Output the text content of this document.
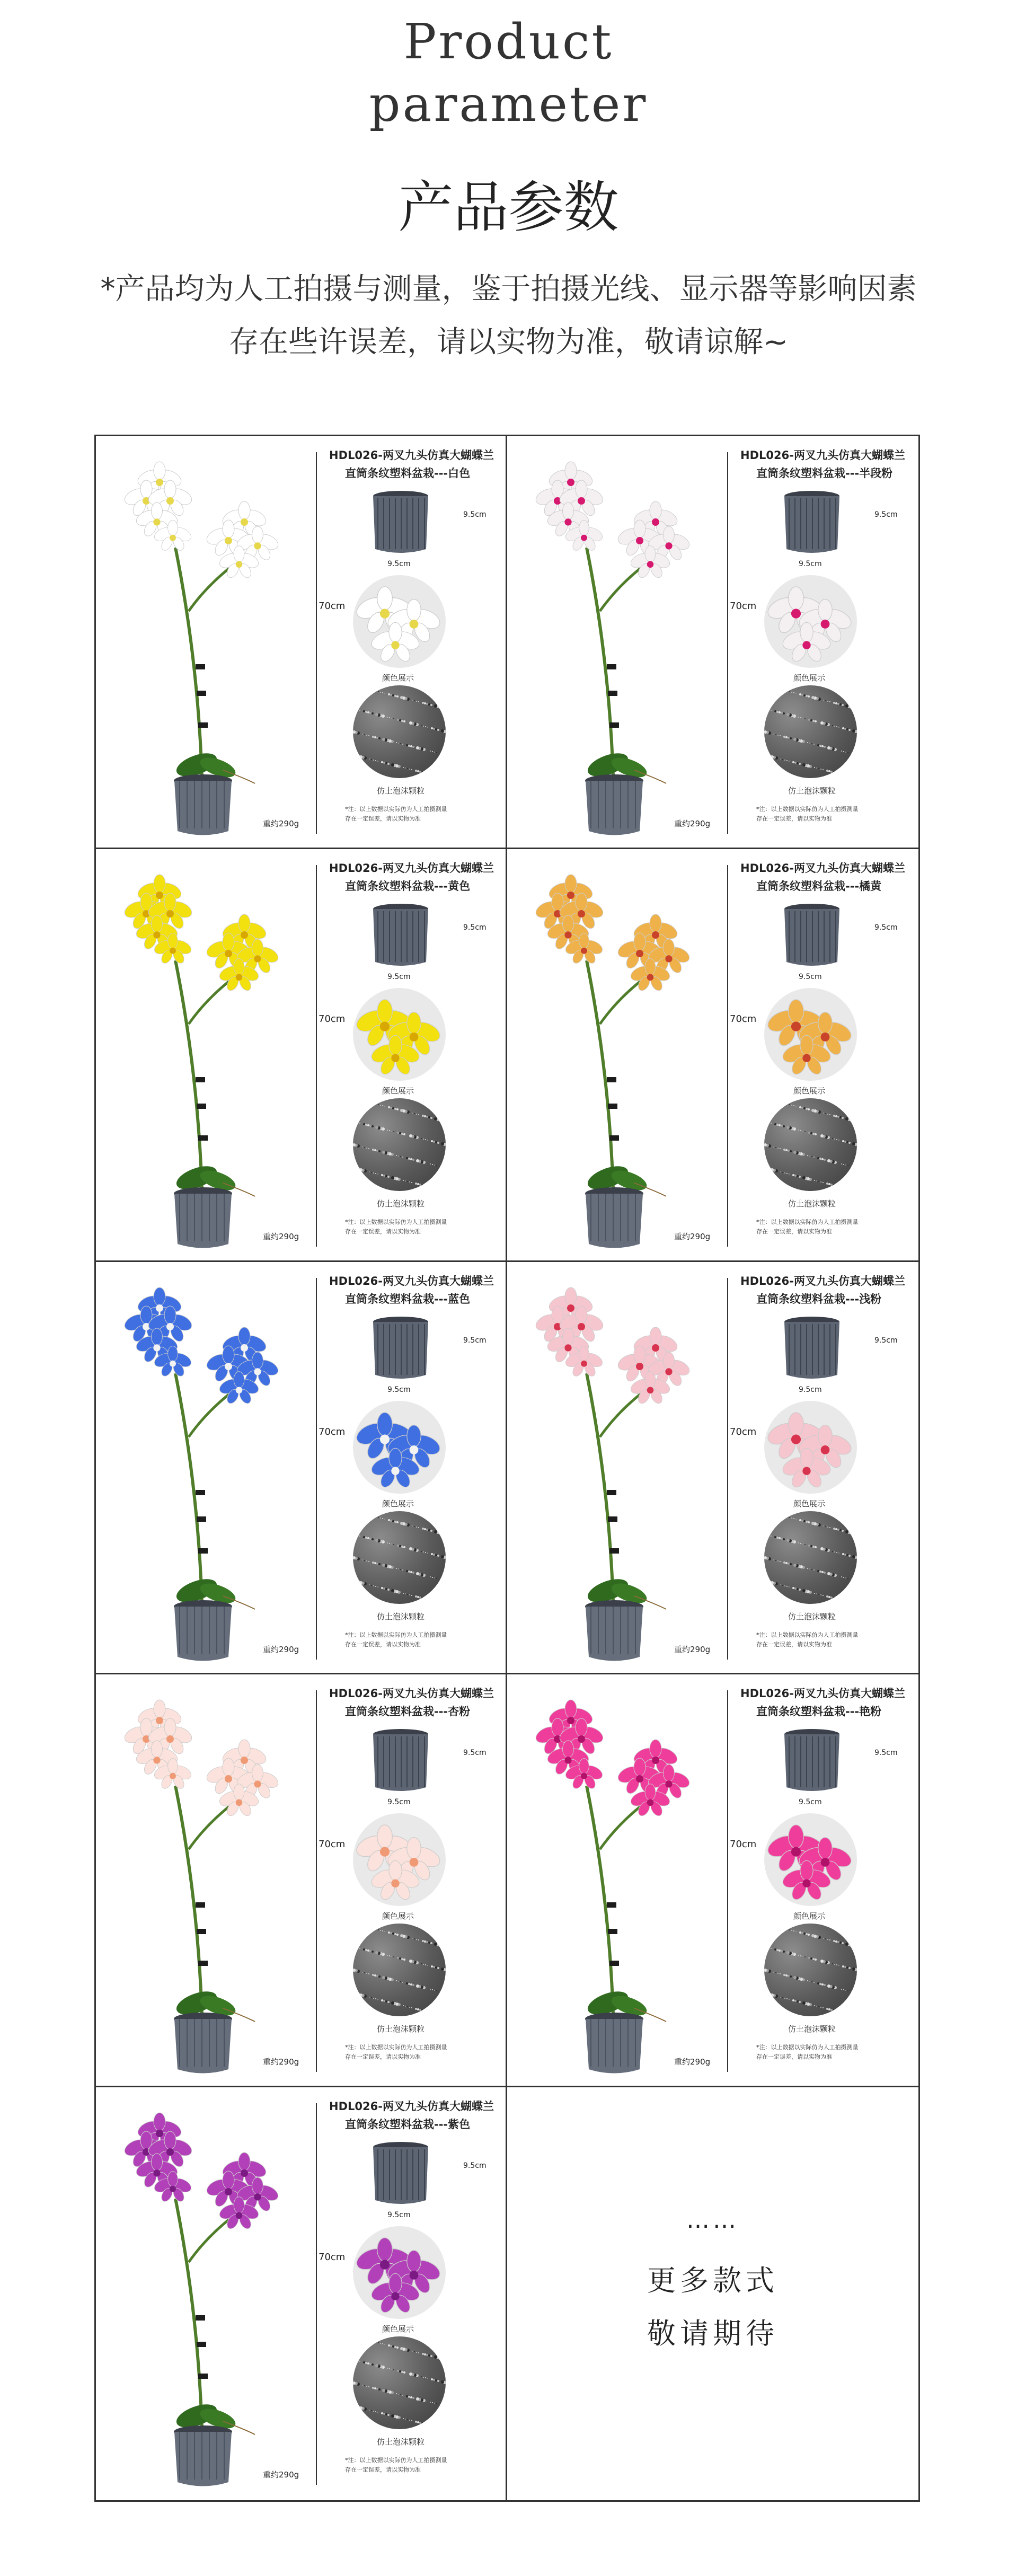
Product
parameter
产品参数
*产品均为人工拍摄与测量，鉴于拍摄光线、显示器等影响因素
存在些许误差，请以实物为准，敬请谅解~
HDL026-两叉九头仿真大蝴蝶兰
直筒条纹塑料盆栽---白色
70cm
9.5cm
9.5cm
颜色展示
仿土泡沫颗粒
*注：以上数据以实际仿为人工拍摄测量
存在一定误差，请以实物为准
重约290g
HDL026-两叉九头仿真大蝴蝶兰
直筒条纹塑料盆栽---半段粉
70cm
9.5cm
9.5cm
颜色展示
仿土泡沫颗粒
*注：以上数据以实际仿为人工拍摄测量
存在一定误差，请以实物为准
重约290g
HDL026-两叉九头仿真大蝴蝶兰
直筒条纹塑料盆栽---黄色
70cm
9.5cm
9.5cm
颜色展示
仿土泡沫颗粒
*注：以上数据以实际仿为人工拍摄测量
存在一定误差，请以实物为准
重约290g
HDL026-两叉九头仿真大蝴蝶兰
直筒条纹塑料盆栽---橘黄
70cm
9.5cm
9.5cm
颜色展示
仿土泡沫颗粒
*注：以上数据以实际仿为人工拍摄测量
存在一定误差，请以实物为准
重约290g
HDL026-两叉九头仿真大蝴蝶兰
直筒条纹塑料盆栽---蓝色
70cm
9.5cm
9.5cm
颜色展示
仿土泡沫颗粒
*注：以上数据以实际仿为人工拍摄测量
存在一定误差，请以实物为准
重约290g
HDL026-两叉九头仿真大蝴蝶兰
直筒条纹塑料盆栽---浅粉
70cm
9.5cm
9.5cm
颜色展示
仿土泡沫颗粒
*注：以上数据以实际仿为人工拍摄测量
存在一定误差，请以实物为准
重约290g
HDL026-两叉九头仿真大蝴蝶兰
直筒条纹塑料盆栽---杏粉
70cm
9.5cm
9.5cm
颜色展示
仿土泡沫颗粒
*注：以上数据以实际仿为人工拍摄测量
存在一定误差，请以实物为准
重约290g
HDL026-两叉九头仿真大蝴蝶兰
直筒条纹塑料盆栽---艳粉
70cm
9.5cm
9.5cm
颜色展示
仿土泡沫颗粒
*注：以上数据以实际仿为人工拍摄测量
存在一定误差，请以实物为准
重约290g
HDL026-两叉九头仿真大蝴蝶兰
直筒条纹塑料盆栽---紫色
70cm
9.5cm
9.5cm
颜色展示
仿土泡沫颗粒
*注：以上数据以实际仿为人工拍摄测量
存在一定误差，请以实物为准
重约290g
……
更多款式
敬请期待
